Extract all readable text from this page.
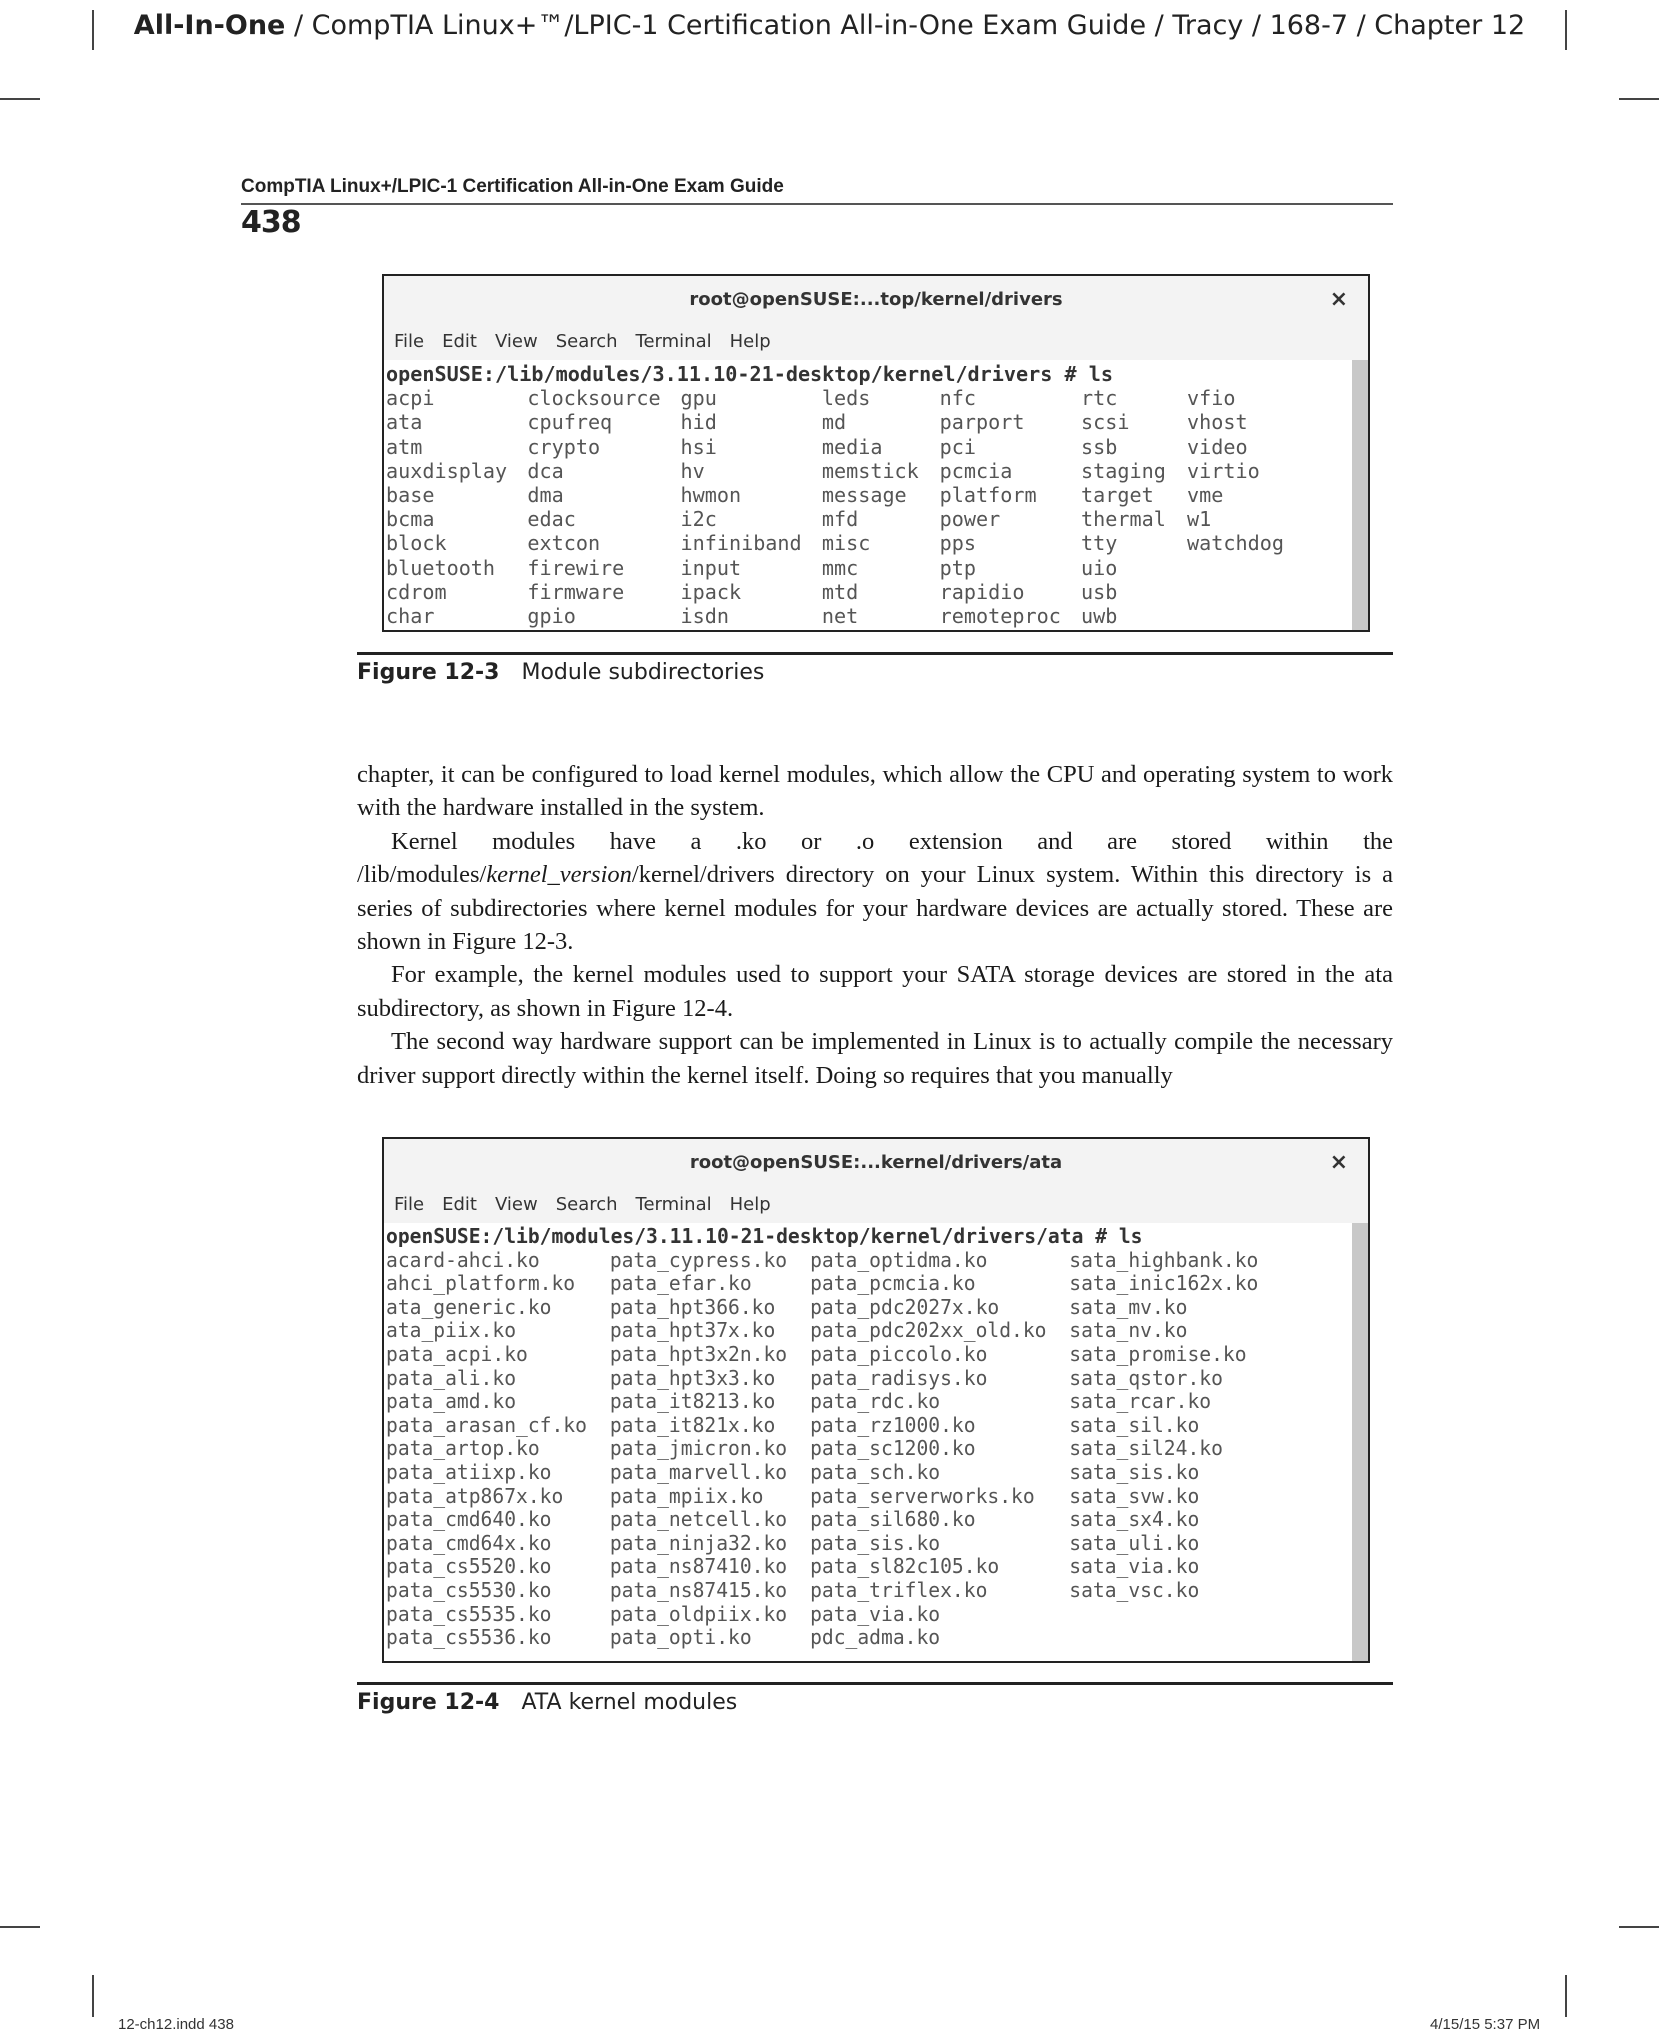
All-In-One / CompTIA Linux+™/LPIC-1 Certification All-in-One Exam Guide / Tracy / 168-7 / Chapter 12
CompTIA Linux+/LPIC-1 Certification All-in-One Exam Guide
438
root@openSUSE:...top/kernel/drivers	×
File Edit View Search Terminal Help
openSUSE:/lib/modules/3.11.10-21-desktop/kernel/drivers # ls
acpi	clocksource gpu	leds	nfc	rtc	vfio
ata	cpufreq	hid	md	parport	scsi	vhost
atm	crypto	hsi	media	pci	ssb	video
auxdisplay dca	hv	memstick pcmcia	staging virtio
base	dma	hwmon	message platform target vme
bcma	edac	i2c	mfd	power	thermal w1
block	extcon	infiniband misc	pps	tty	watchdog
bluetooth firewire	input	mmc	ptp	uio
cdrom	firmware	ipack	mtd	rapidio	usb
char	gpio	isdn	net	remoteproc uwb
Figure 12-3 Module subdirectories

chapter, it can be configured to load kernel modules, which allow the CPU and operating system to work with the hardware installed in the system.

Kernel modules have a .ko or .o extension and are stored within the /lib/modules/kernel_version/kernel/drivers directory on your Linux system. Within this directory is a series of subdirectories where kernel modules for your hardware devices are actually stored. These are shown in Figure 12-3.

For example, the kernel modules used to support your SATA storage devices are stored in the ata subdirectory, as shown in Figure 12-4.

The second way hardware support can be implemented in Linux is to actually compile the necessary driver support directly within the kernel itself. Doing so requires that you manually

root@openSUSE:...kernel/drivers/ata	×
File Edit View Search Terminal Help
openSUSE:/lib/modules/3.11.10-21-desktop/kernel/drivers/ata # ls
acard-ahci.ko	pata_cypress.ko pata_optidma.ko	sata_highbank.ko
ahci_platform.ko pata_efar.ko	pata_pcmcia.ko	sata_inic162x.ko
ata_generic.ko	pata_hpt366.ko pata_pdc2027x.ko	sata_mv.ko
ata_piix.ko	pata_hpt37x.ko pata_pdc202xx_old.ko sata_nv.ko
pata_acpi.ko	pata_hpt3x2n.ko pata_piccolo.ko	sata_promise.ko
pata_ali.ko	pata_hpt3x3.ko pata_radisys.ko	sata_qstor.ko
pata_amd.ko	pata_it8213.ko pata_rdc.ko	sata_rcar.ko
pata_arasan_cf.ko pata_it821x.ko pata_rz1000.ko	sata_sil.ko
pata_artop.ko	pata_jmicron.ko pata_sc1200.ko	sata_sil24.ko
pata_atiixp.ko	pata_marvell.ko pata_sch.ko	sata_sis.ko
pata_atp867x.ko pata_mpiix.ko pata_serverworks.ko sata_svw.ko
pata_cmd640.ko	pata_netcell.ko pata_sil680.ko	sata_sx4.ko
pata_cmd64x.ko	pata_ninja32.ko pata_sis.ko	sata_uli.ko
pata_cs5520.ko	pata_ns87410.ko pata_sl82c105.ko	sata_via.ko
pata_cs5530.ko	pata_ns87415.ko pata_triflex.ko	sata_vsc.ko
pata_cs5535.ko	pata_oldpiix.ko pata_via.ko
pata_cs5536.ko	pata_opti.ko	pdc_adma.ko
Figure 12-4 ATA kernel modules
12-ch12.indd 438	4/15/15 5:37 PM
